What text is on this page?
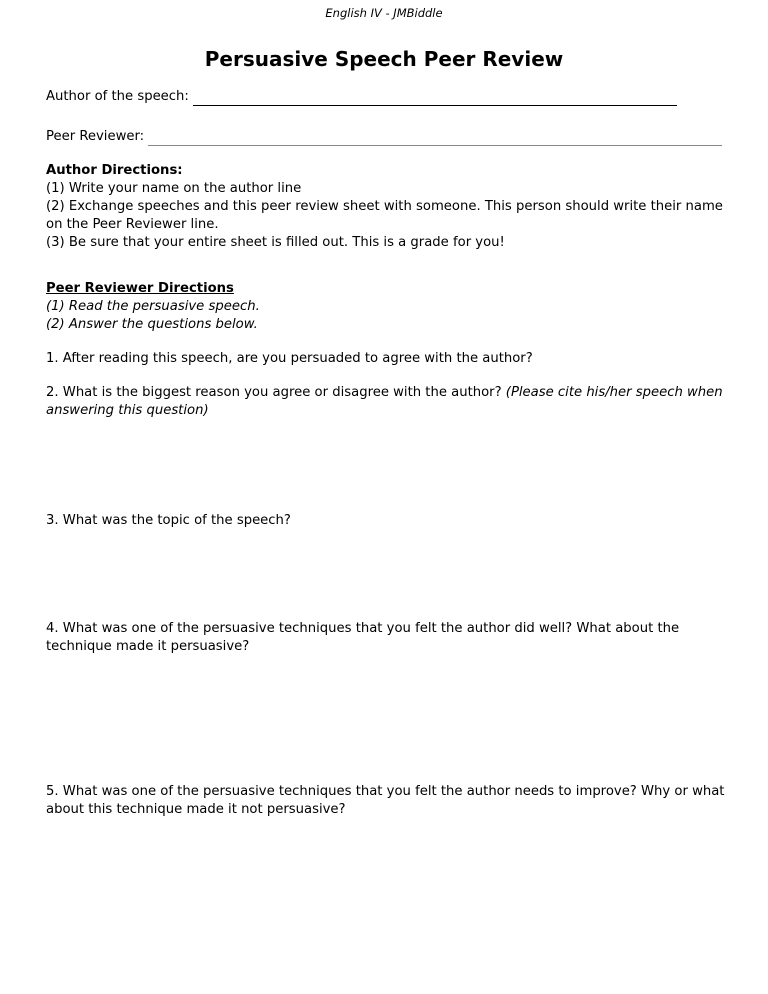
English IV - JMBiddle
Persuasive Speech Peer Review
Author of the speech:
Peer Reviewer:
Author Directions:
(1) Write your name on the author line
(2) Exchange speeches and this peer review sheet with someone. This person should write their name on the Peer Reviewer line.
(3) Be sure that your entire sheet is filled out. This is a grade for you!
Peer Reviewer Directions
(1) Read the persuasive speech.
(2) Answer the questions below.
1. After reading this speech, are you persuaded to agree with the author?
2. What is the biggest reason you agree or disagree with the author? (Please cite his/her speech when answering this question)
3. What was the topic of the speech?
4. What was one of the persuasive techniques that you felt the author did well? What about the technique made it persuasive?
5. What was one of the persuasive techniques that you felt the author needs to improve? Why or what about this technique made it not persuasive?
